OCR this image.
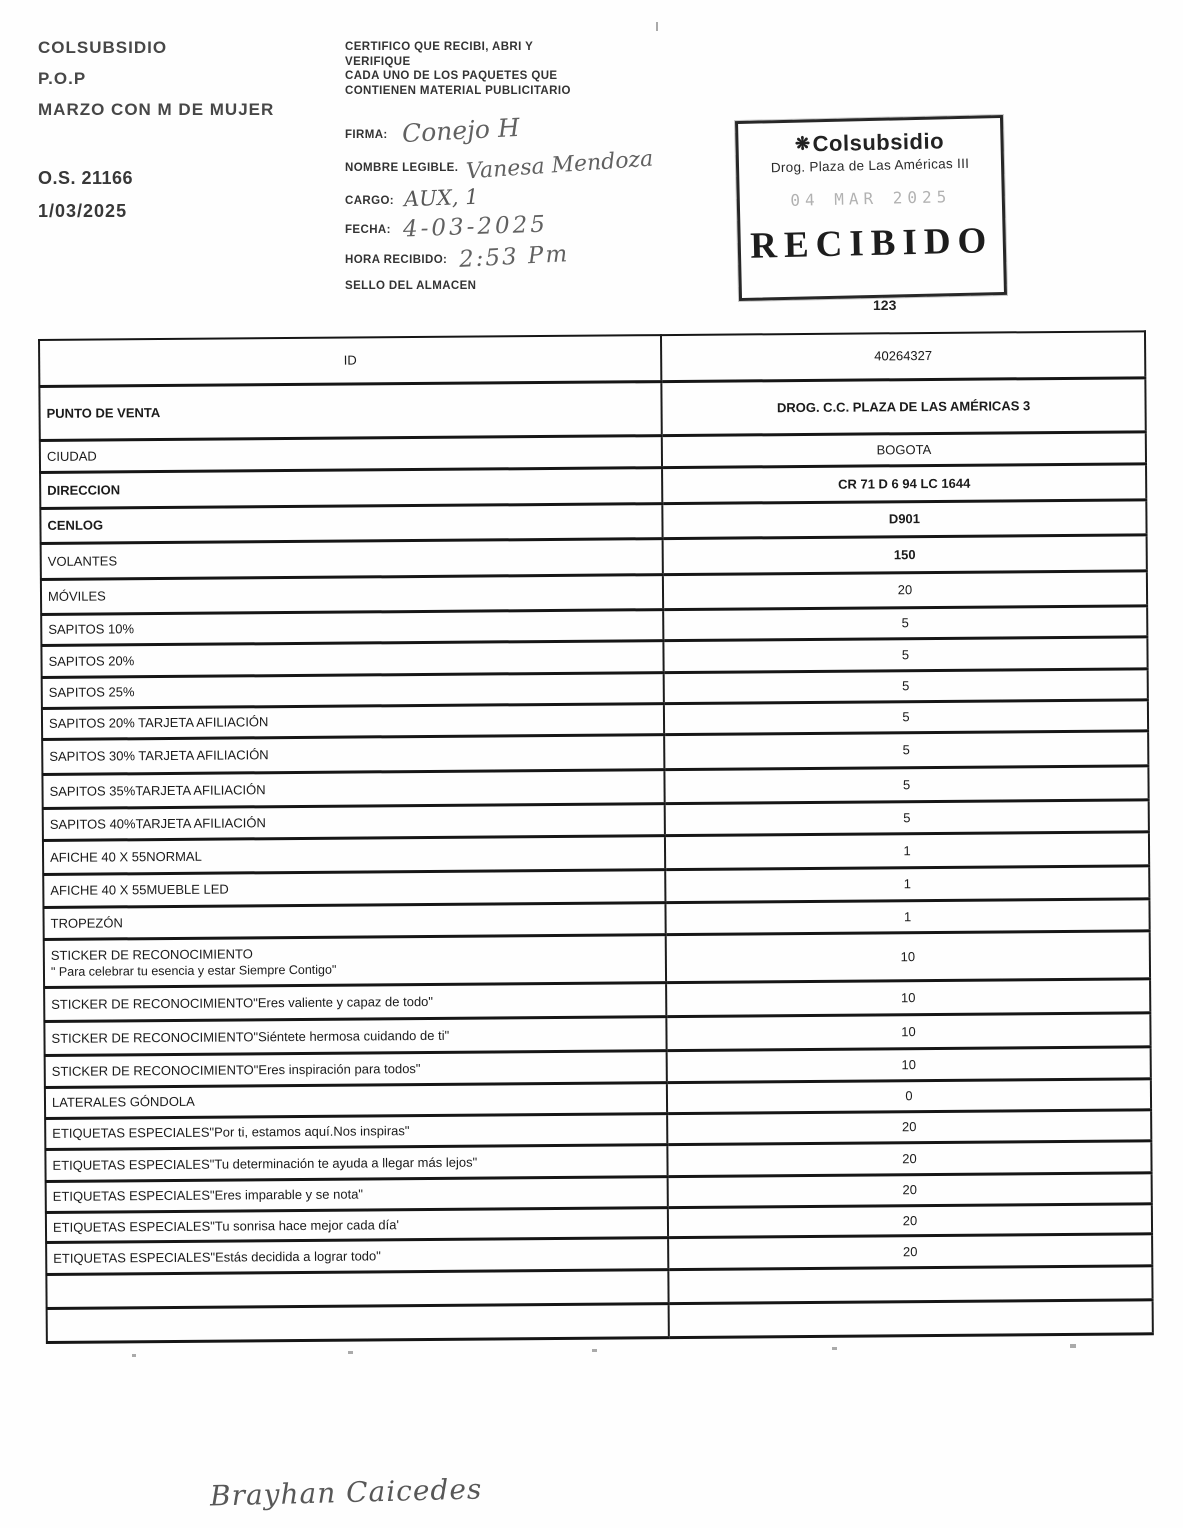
COLSUBSIDIO
P.O.P
MARZO CON M DE MUJER
O.S. 21166
1/03/2025
CERTIFICO QUE RECIBI, ABRI Y
VERIFIQUE
CADA UNO DE LOS PAQUETES QUE
CONTIENEN MATERIAL PUBLICITARIO
FIRMA: Conejo H
NOMBRE LEGIBLE. Vanesa Mendoza
CARGO: AUX, 1
FECHA: 4-03-2025
HORA RECIBIDO: 2:53 Pm
SELLO DEL ALMACEN
❋Colsubsidio
Drog. Plaza de Las Américas III
04 MAR 2025
RECIBIDO
123
ID	40264327

PUNTO DE VENTA	DROG. C.C. PLAZA DE LAS AMÉRICAS 3

CIUDAD	BOGOTA

DIRECCION	CR 71 D 6 94 LC 1644

CENLOG	D901

VOLANTES	150

MÓVILES	20

SAPITOS 10%	5

SAPITOS 20%	5

SAPITOS 25%	5

SAPITOS 20% TARJETA AFILIACIÓN	5

SAPITOS 30% TARJETA AFILIACIÓN	5

SAPITOS 35%TARJETA AFILIACIÓN	5

SAPITOS 40%TARJETA AFILIACIÓN	5

AFICHE 40 X 55NORMAL	1

AFICHE 40 X 55MUEBLE LED	1

TROPEZÓN	1

STICKER DE RECONOCIMIENTO
" Para celebrar tu esencia y estar Siempre Contigo"	10

STICKER DE RECONOCIMIENTO"Eres valiente y capaz de todo"	10

STICKER DE RECONOCIMIENTO"Siéntete hermosa cuidando de ti"	10

STICKER DE RECONOCIMIENTO"Eres inspiración para todos"	10

LATERALES GÓNDOLA	0

ETIQUETAS ESPECIALES"Por ti, estamos aquí.Nos inspiras"	20

ETIQUETAS ESPECIALES"Tu determinación te ayuda a llegar más lejos"	20

ETIQUETAS ESPECIALES"Eres imparable y se nota"	20

ETIQUETAS ESPECIALES"Tu sonrisa hace mejor cada día'	20

ETIQUETAS ESPECIALES"Estás decidida a lograr todo"	20

Brayhan Caicedes
